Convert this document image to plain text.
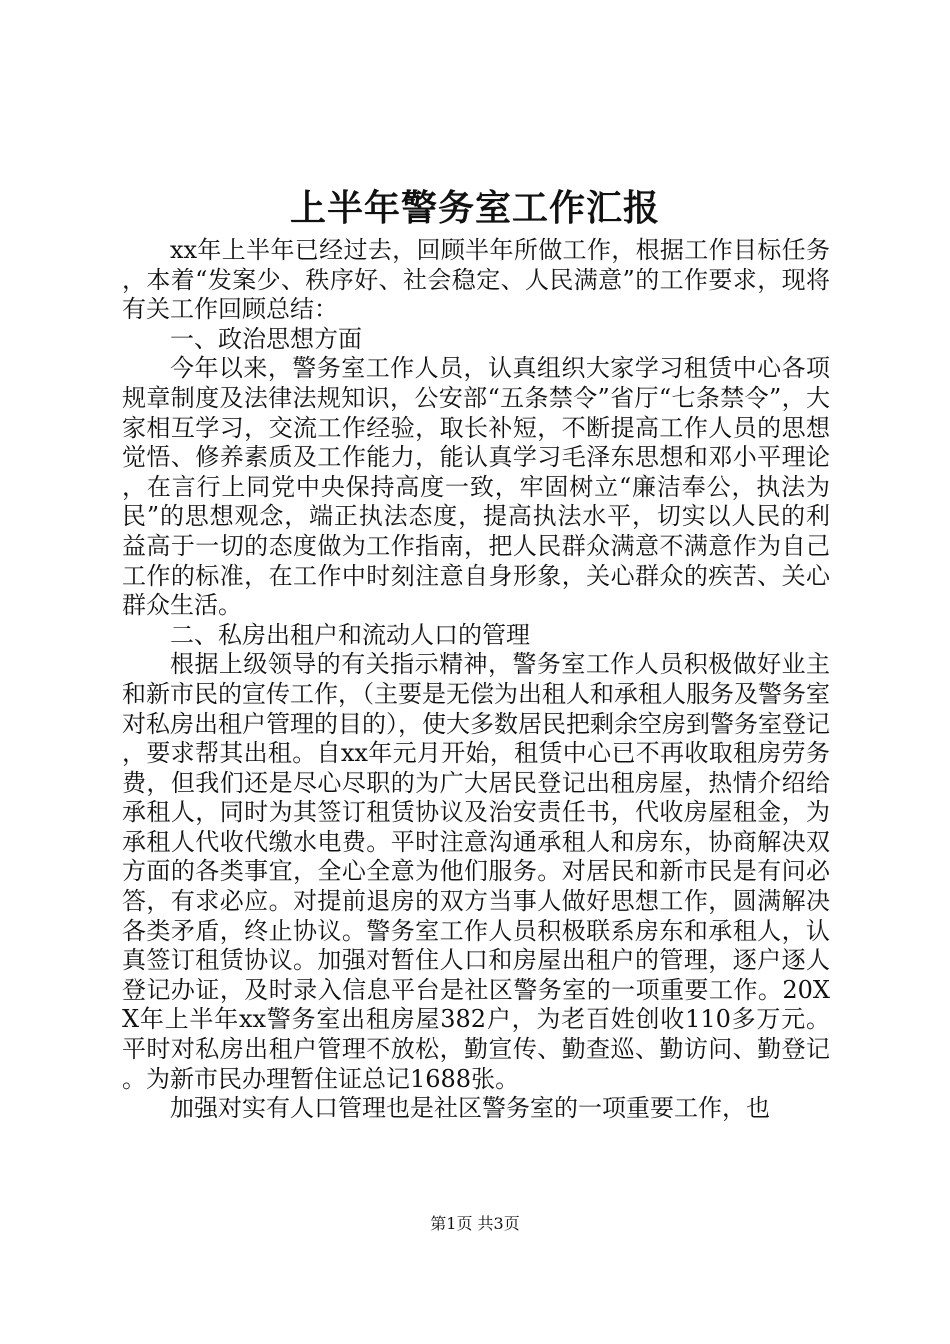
上半年警务室工作汇报

xx年上半年已经过去，回顾半年所做工作，根据工作目标任务，本着“发案少、秩序好、社会稳定、人民满意”的工作要求，现将有关工作回顾总结：

一、政治思想方面

今年以来，警务室工作人员，认真组织大家学习租赁中心各项规章制度及法律法规知识，公安部“五条禁令”省厅“七条禁令”，大家相互学习，交流工作经验，取长补短，不断提高工作人员的思想觉悟、修养素质及工作能力，能认真学习毛泽东思想和邓小平理论，在言行上同党中央保持高度一致，牢固树立“廉洁奉公，执法为民”的思想观念，端正执法态度，提高执法水平，切实以人民的利益高于一切的态度做为工作指南，把人民群众满意不满意作为自己工作的标准，在工作中时刻注意自身形象，关心群众的疾苦、关心群众生活。

二、私房出租户和流动人口的管理

根据上级领导的有关指示精神，警务室工作人员积极做好业主和新市民的宣传工作，（主要是无偿为出租人和承租人服务及警务室对私房出租户管理的目的），使大多数居民把剩余空房到警务室登记，要求帮其出租。自xx年元月开始，租赁中心已不再收取租房劳务费，但我们还是尽心尽职的为广大居民登记出租房屋，热情介绍给承租人，同时为其签订租赁协议及治安责任书，代收房屋租金，为承租人代收代缴水电费。平时注意沟通承租人和房东，协商解决双方面的各类事宜，全心全意为他们服务。对居民和新市民是有问必答，有求必应。对提前退房的双方当事人做好思想工作，圆满解决各类矛盾，终止协议。警务室工作人员积极联系房东和承租人，认真签订租赁协议。加强对暂住人口和房屋出租户的管理，逐户逐人登记办证，及时录入信息平台是社区警务室的一项重要工作。20XX年上半年xx警务室出租房屋382户，为老百姓创收110多万元。平时对私房出租户管理不放松，勤宣传、勤查巡、勤访问、勤登记。为新市民办理暂住证总记1688张。

加强对实有人口管理也是社区警务室的一项重要工作，也

第1页 共3页
